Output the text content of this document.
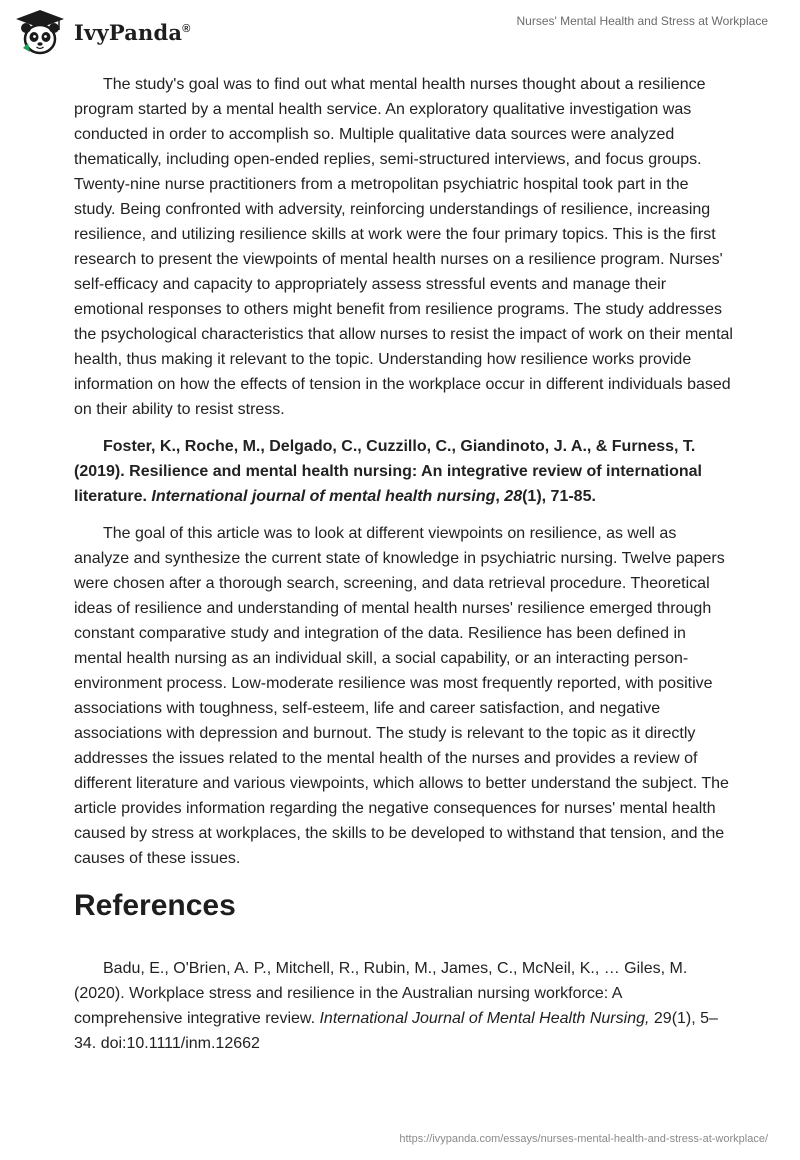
IvyPanda®
Nurses' Mental Health and Stress at Workplace

The study's goal was to find out what mental health nurses thought about a resilience program started by a mental health service. An exploratory qualitative investigation was conducted in order to accomplish so. Multiple qualitative data sources were analyzed thematically, including open-ended replies, semi-structured interviews, and focus groups. Twenty-nine nurse practitioners from a metropolitan psychiatric hospital took part in the study. Being confronted with adversity, reinforcing understandings of resilience, increasing resilience, and utilizing resilience skills at work were the four primary topics. This is the first research to present the viewpoints of mental health nurses on a resilience program. Nurses' self-efficacy and capacity to appropriately assess stressful events and manage their emotional responses to others might benefit from resilience programs. The study addresses the psychological characteristics that allow nurses to resist the impact of work on their mental health, thus making it relevant to the topic. Understanding how resilience works provide information on how the effects of tension in the workplace occur in different individuals based on their ability to resist stress.

Foster, K., Roche, M., Delgado, C., Cuzzillo, C., Giandinoto, J. A., & Furness, T. (2019). Resilience and mental health nursing: An integrative review of international literature. International journal of mental health nursing, 28(1), 71-85.

The goal of this article was to look at different viewpoints on resilience, as well as analyze and synthesize the current state of knowledge in psychiatric nursing. Twelve papers were chosen after a thorough search, screening, and data retrieval procedure. Theoretical ideas of resilience and understanding of mental health nurses' resilience emerged through constant comparative study and integration of the data. Resilience has been defined in mental health nursing as an individual skill, a social capability, or an interacting person-environment process. Low-moderate resilience was most frequently reported, with positive associations with toughness, self-esteem, life and career satisfaction, and negative associations with depression and burnout. The study is relevant to the topic as it directly addresses the issues related to the mental health of the nurses and provides a review of different literature and various viewpoints, which allows to better understand the subject. The article provides information regarding the negative consequences for nurses' mental health caused by stress at workplaces, the skills to be developed to withstand that tension, and the causes of these issues.

References

Badu, E., O'Brien, A. P., Mitchell, R., Rubin, M., James, C., McNeil, K., … Giles, M. (2020). Workplace stress and resilience in the Australian nursing workforce: A comprehensive integrative review. International Journal of Mental Health Nursing, 29(1), 5–34. doi:10.1111/inm.12662

https://ivypanda.com/essays/nurses-mental-health-and-stress-at-workplace/
